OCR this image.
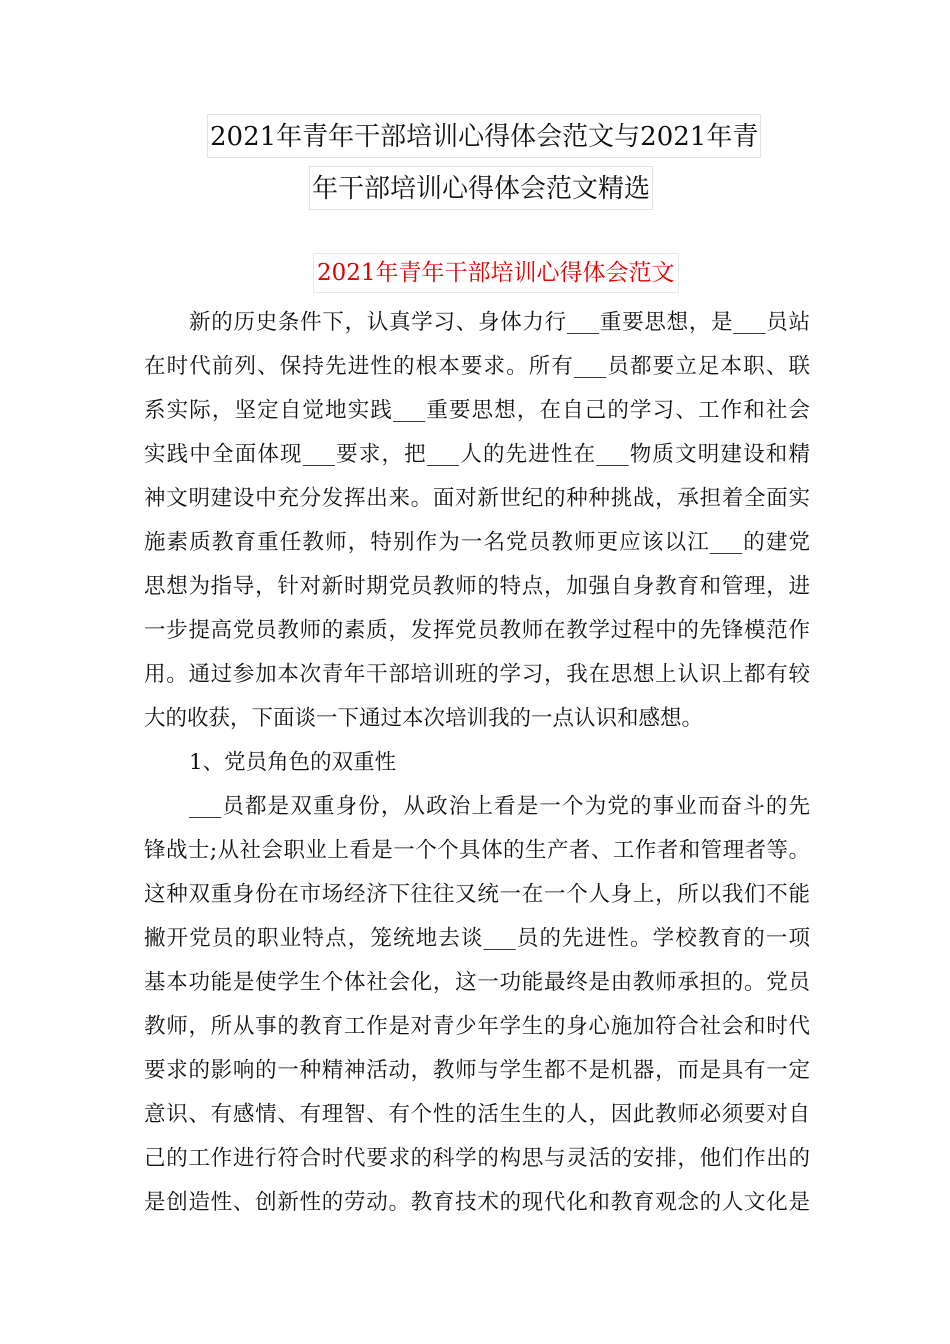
2021年青年干部培训心得体会范文与2021年青
年干部培训心得体会范文精选
2021年青年干部培训心得体会范文
新的历史条件下，认真学习、身体力行___重要思想，是___员站
在时代前列、保持先进性的根本要求。所有___员都要立足本职、联
系实际，坚定自觉地实践___重要思想，在自己的学习、工作和社会
实践中全面体现___要求，把___人的先进性在___物质文明建设和精
神文明建设中充分发挥出来。面对新世纪的种种挑战，承担着全面实
施素质教育重任教师，特别作为一名党员教师更应该以江___的建党
思想为指导，针对新时期党员教师的特点，加强自身教育和管理，进
一步提高党员教师的素质，发挥党员教师在教学过程中的先锋模范作
用。通过参加本次青年干部培训班的学习，我在思想上认识上都有较
大的收获，下面谈一下通过本次培训我的一点认识和感想。
1、党员角色的双重性
___员都是双重身份，从政治上看是一个为党的事业而奋斗的先
锋战士;从社会职业上看是一个个具体的生产者、工作者和管理者等。
这种双重身份在市场经济下往往又统一在一个人身上，所以我们不能
撇开党员的职业特点，笼统地去谈___员的先进性。学校教育的一项
基本功能是使学生个体社会化，这一功能最终是由教师承担的。党员
教师，所从事的教育工作是对青少年学生的身心施加符合社会和时代
要求的影响的一种精神活动，教师与学生都不是机器，而是具有一定
意识、有感情、有理智、有个性的活生生的人，因此教师必须要对自
己的工作进行符合时代要求的科学的构思与灵活的安排，他们作出的
是创造性、创新性的劳动。教育技术的现代化和教育观念的人文化是
